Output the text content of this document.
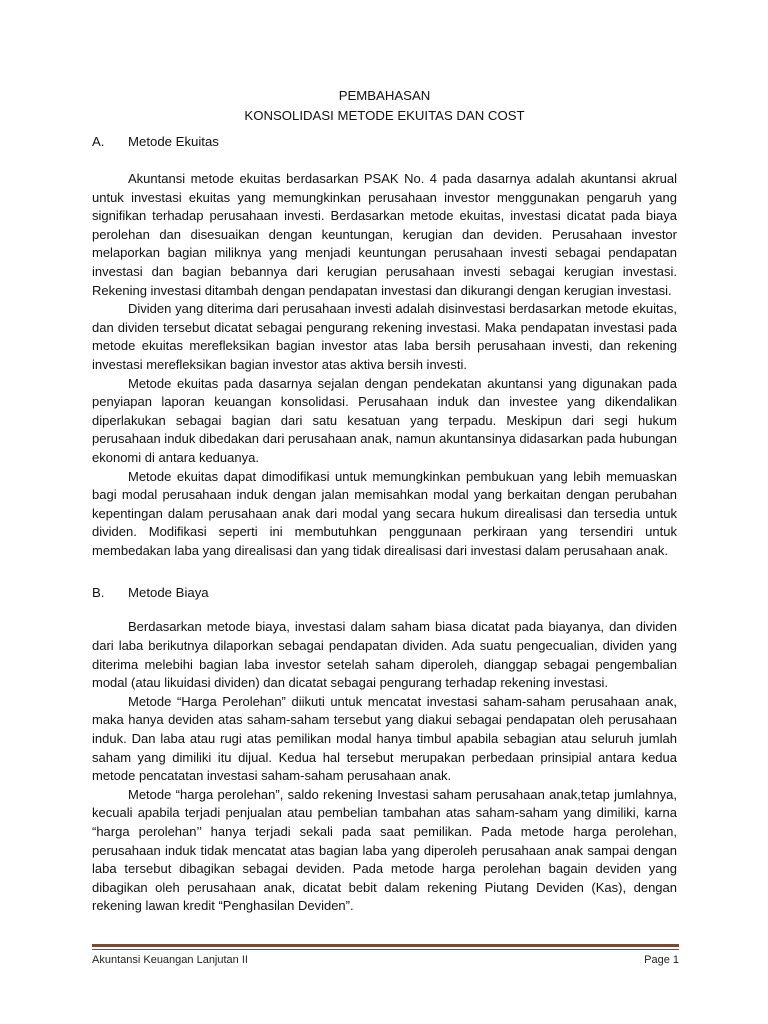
PEMBAHASAN

KONSOLIDASI METODE EKUITAS DAN COST

A.	Metode Ekuitas

Akuntansi metode ekuitas berdasarkan PSAK No. 4 pada dasarnya adalah akuntansi akrual untuk investasi ekuitas yang memungkinkan perusahaan investor menggunakan pengaruh yang signifikan terhadap perusahaan investi. Berdasarkan metode ekuitas, investasi dicatat pada biaya perolehan dan disesuaikan dengan keuntungan, kerugian dan deviden. Perusahaan investor melaporkan bagian miliknya yang menjadi keuntungan perusahaan investi sebagai pendapatan investasi dan bagian bebannya dari kerugian perusahaan investi sebagai kerugian investasi. Rekening investasi ditambah dengan pendapatan investasi dan dikurangi dengan kerugian investasi.

Dividen yang diterima dari perusahaan investi adalah disinvestasi berdasarkan metode ekuitas, dan dividen tersebut dicatat sebagai pengurang rekening investasi. Maka pendapatan investasi pada metode ekuitas merefleksikan bagian investor atas laba bersih perusahaan investi, dan rekening investasi merefleksikan bagian investor atas aktiva bersih investi.

Metode ekuitas pada dasarnya sejalan dengan pendekatan akuntansi yang digunakan pada penyiapan laporan keuangan konsolidasi. Perusahaan induk dan investee yang dikendalikan diperlakukan sebagai bagian dari satu kesatuan yang terpadu. Meskipun dari segi hukum perusahaan induk dibedakan dari perusahaan anak, namun akuntansinya didasarkan pada hubungan ekonomi di antara keduanya.

Metode ekuitas dapat dimodifikasi untuk memungkinkan pembukuan yang lebih memuaskan bagi modal perusahaan induk dengan jalan memisahkan modal yang berkaitan dengan perubahan kepentingan dalam perusahaan anak dari modal yang secara hukum direalisasi dan tersedia untuk dividen. Modifikasi seperti ini membutuhkan penggunaan perkiraan yang tersendiri untuk membedakan laba yang direalisasi dan yang tidak direalisasi dari investasi dalam perusahaan anak.

B.	Metode Biaya

Berdasarkan metode biaya, investasi dalam saham biasa dicatat pada biayanya, dan dividen dari laba berikutnya dilaporkan sebagai pendapatan dividen. Ada suatu pengecualian, dividen yang diterima melebihi bagian laba investor setelah saham diperoleh, dianggap sebagai pengembalian modal (atau likuidasi dividen) dan dicatat sebagai pengurang terhadap rekening investasi.

Metode “Harga Perolehan” diikuti untuk mencatat investasi saham-saham perusahaan anak, maka hanya deviden atas saham-saham tersebut yang diakui sebagai pendapatan oleh perusahaan induk. Dan laba atau rugi atas pemilikan modal hanya timbul apabila sebagian atau seluruh jumlah saham yang dimiliki itu dijual. Kedua hal tersebut merupakan perbedaan prinsipial antara kedua metode pencatatan investasi saham-saham perusahaan anak.

Metode “harga perolehan”, saldo rekening Investasi saham perusahaan anak,tetap jumlahnya, kecuali apabila terjadi penjualan atau pembelian tambahan atas saham-saham yang dimiliki, karna “harga perolehan’’ hanya terjadi sekali pada saat pemilikan. Pada metode harga perolehan, perusahaan induk tidak mencatat atas bagian laba yang diperoleh perusahaan anak sampai dengan laba tersebut dibagikan sebagai deviden. Pada metode harga perolehan bagain deviden yang dibagikan oleh perusahaan anak, dicatat bebit dalam rekening Piutang Deviden (Kas), dengan rekening lawan kredit “Penghasilan Deviden”.

Akuntansi Keuangan Lanjutan II	Page 1
